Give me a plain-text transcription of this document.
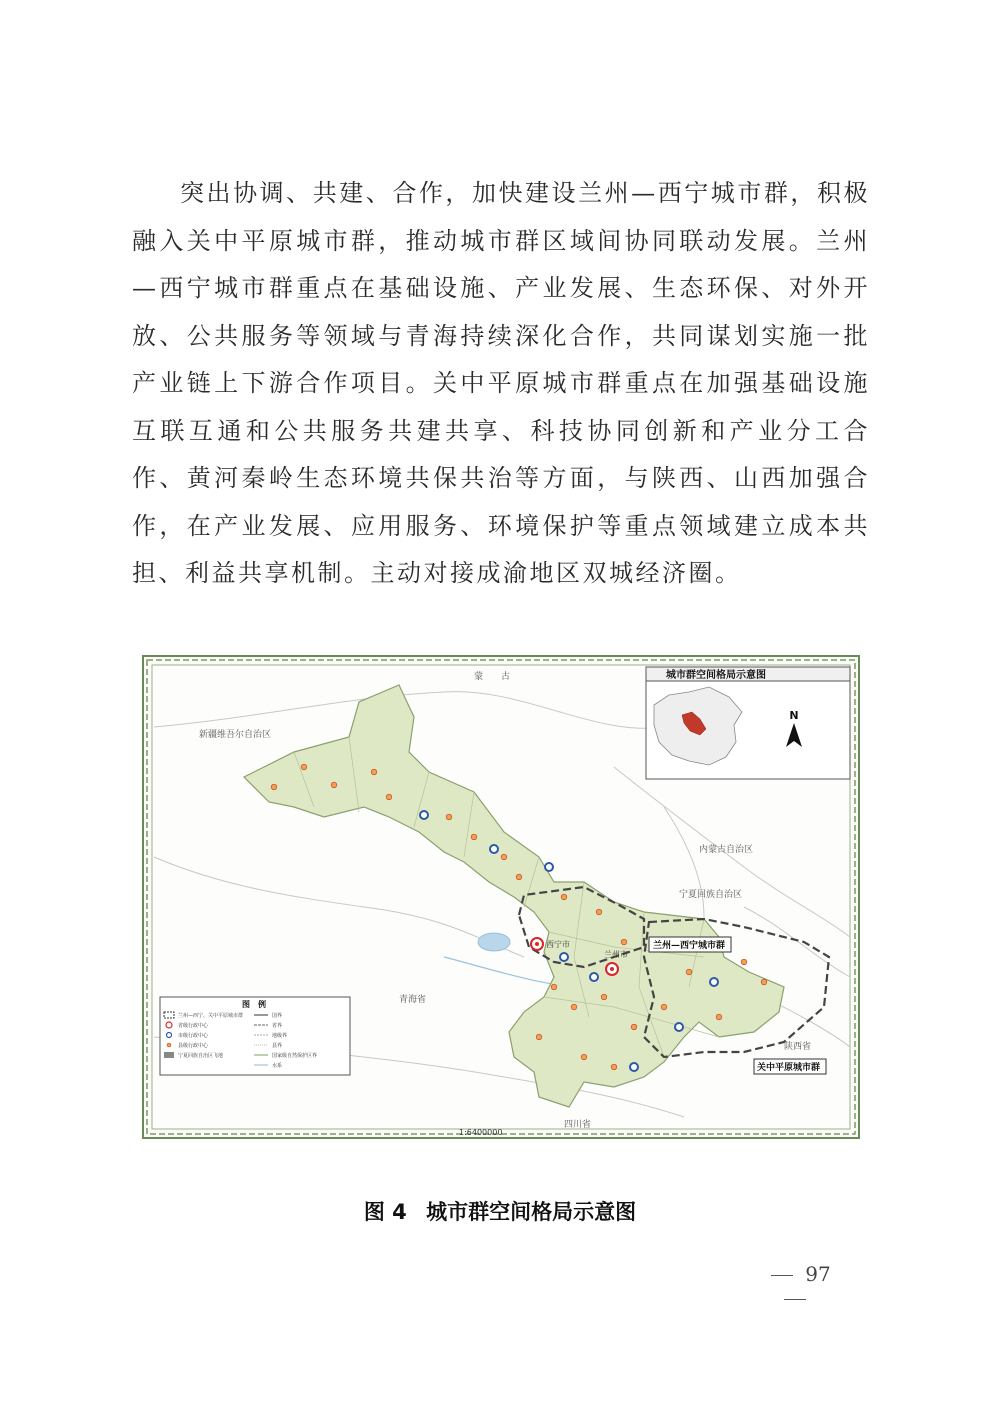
突出协调、共建、合作，加快建设兰州—西宁城市群，积极融入关中平原城市群，推动城市群区域间协同联动发展。兰州—西宁城市群重点在基础设施、产业发展、生态环保、对外开放、公共服务等领域与青海持续深化合作，共同谋划实施一批产业链上下游合作项目。关中平原城市群重点在加强基础设施互联互通和公共服务共建共享、科技协同创新和产业分工合作、黄河秦岭生态环境共保共治等方面，与陕西、山西加强合作，在产业发展、应用服务、环境保护等重点领域建立成本共担、利益共享机制。主动对接成渝地区双城经济圈。

蒙　　古
新疆维吾尔自治区
内蒙古自治区
宁夏回族自治区
青海省
陕西省
四川省
西宁市
兰州市
兰州—西宁城市群
关中平原城市群
城市群空间格局示意图
N
图　例
兰州—西宁、关中平原城市群
省级行政中心
市级行政中心
县级行政中心
宁夏回族自治区飞地
国界
省界
地级界
县界
国家级自然保护区界
水系
1:6400000
图 4 城市群空间格局示意图
97
